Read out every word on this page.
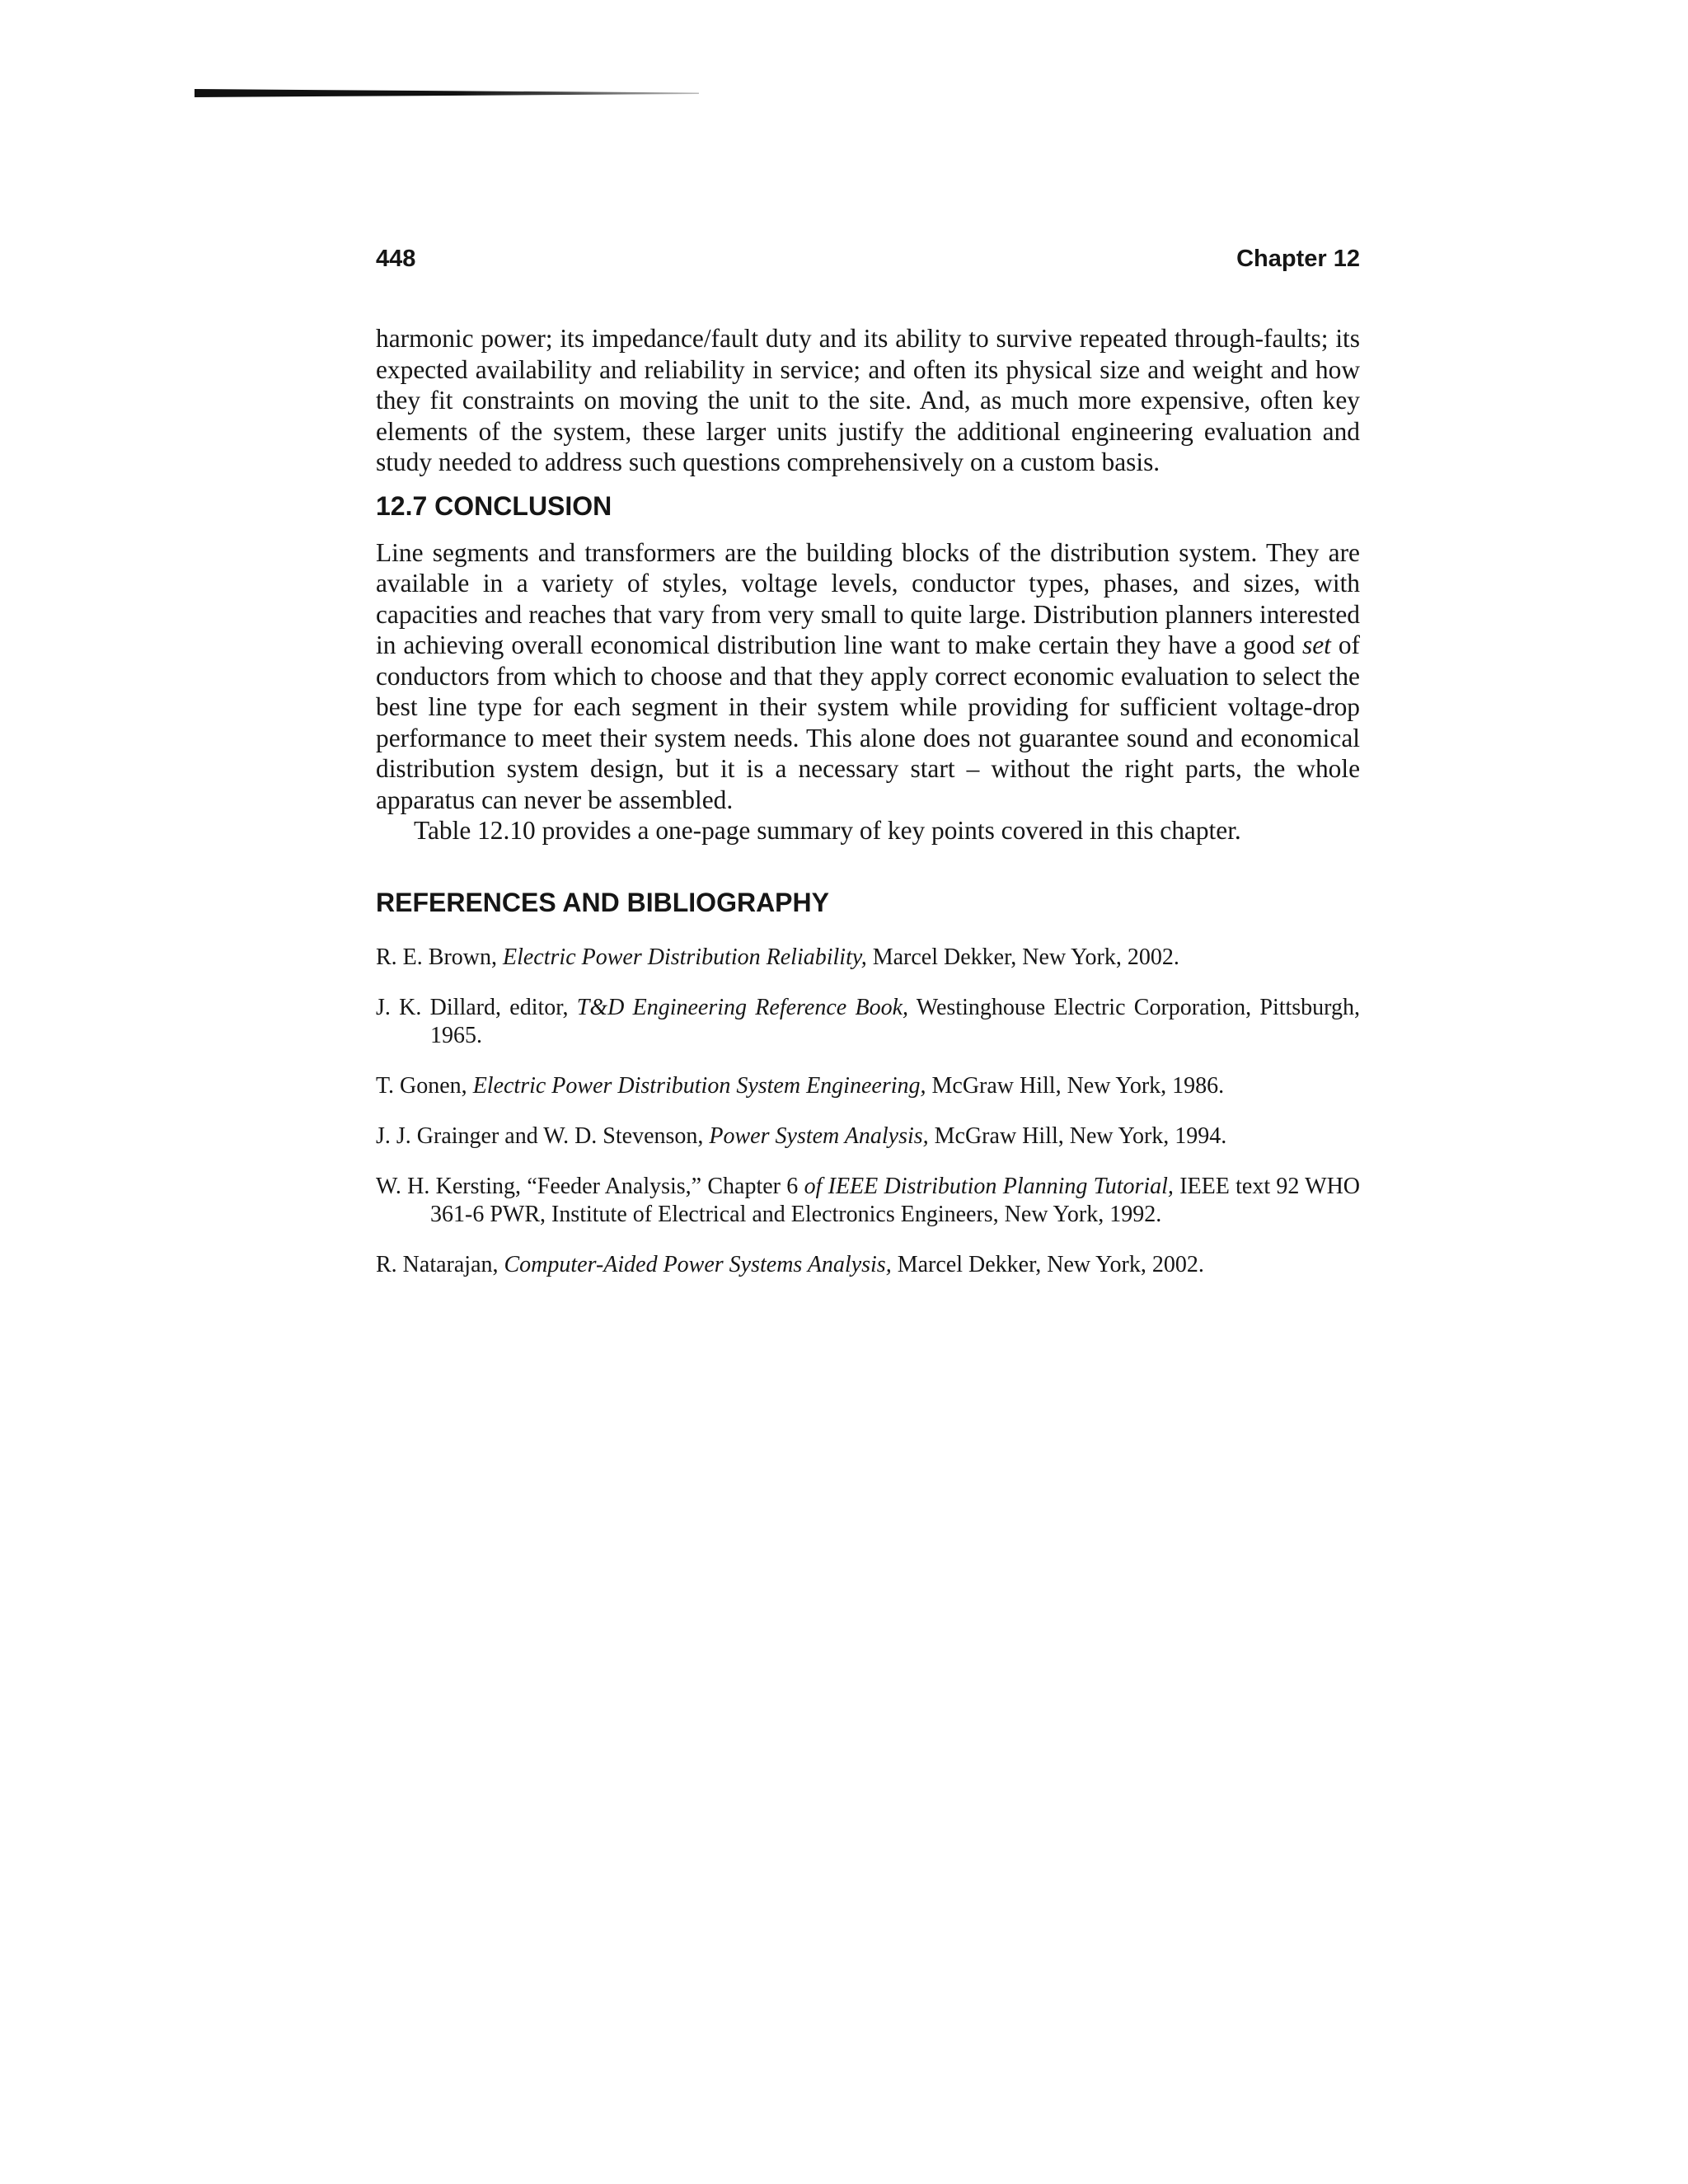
448	Chapter 12

harmonic power; its impedance/fault duty and its ability to survive repeated through-faults; its expected availability and reliability in service; and often its physical size and weight and how they fit constraints on moving the unit to the site. And, as much more expensive, often key elements of the system, these larger units justify the additional engineering evaluation and study needed to address such questions comprehensively on a custom basis.

12.7 CONCLUSION

Line segments and transformers are the building blocks of the distribution system. They are available in a variety of styles, voltage levels, conductor types, phases, and sizes, with capacities and reaches that vary from very small to quite large. Distribution planners interested in achieving overall economical distribution line want to make certain they have a good set of conductors from which to choose and that they apply correct economic evaluation to select the best line type for each segment in their system while providing for sufficient voltage-drop performance to meet their system needs. This alone does not guarantee sound and economical distribution system design, but it is a necessary start – without the right parts, the whole apparatus can never be assembled.

Table 12.10 provides a one-page summary of key points covered in this chapter.

REFERENCES AND BIBLIOGRAPHY

R. E. Brown, Electric Power Distribution Reliability, Marcel Dekker, New York, 2002.

J. K. Dillard, editor, T&D Engineering Reference Book, Westinghouse Electric Corporation, Pittsburgh, 1965.

T. Gonen, Electric Power Distribution System Engineering, McGraw Hill, New York, 1986.

J. J. Grainger and W. D. Stevenson, Power System Analysis, McGraw Hill, New York, 1994.

W. H. Kersting, “Feeder Analysis,” Chapter 6 of IEEE Distribution Planning Tutorial, IEEE text 92 WHO 361-6 PWR, Institute of Electrical and Electronics Engineers, New York, 1992.

R. Natarajan, Computer-Aided Power Systems Analysis, Marcel Dekker, New York, 2002.
